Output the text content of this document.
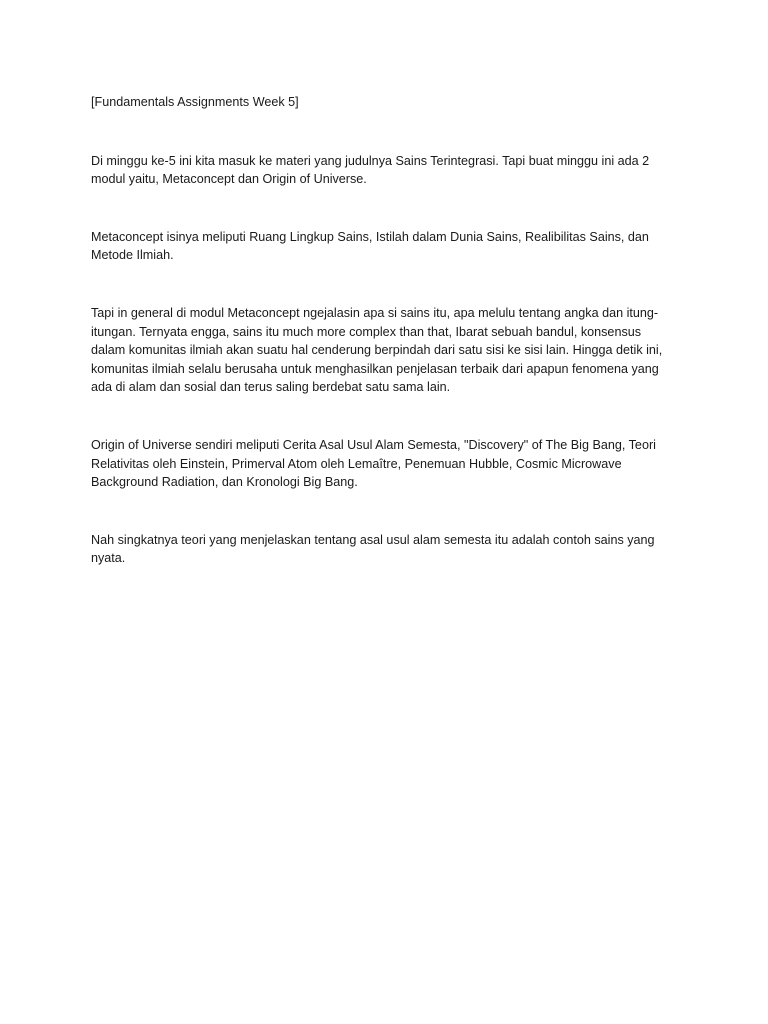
[Fundamentals Assignments Week 5]

Di minggu ke-5 ini kita masuk ke materi yang judulnya Sains Terintegrasi. Tapi buat minggu ini ada 2 modul yaitu, Metaconcept dan Origin of Universe.

Metaconcept isinya meliputi Ruang Lingkup Sains, Istilah dalam Dunia Sains, Realibilitas Sains, dan Metode Ilmiah.

Tapi in general di modul Metaconcept ngejalasin apa si sains itu, apa melulu tentang angka dan itung-itungan. Ternyata engga, sains itu much more complex than that, Ibarat sebuah bandul, konsensus dalam komunitas ilmiah akan suatu hal cenderung berpindah dari satu sisi ke sisi lain. Hingga detik ini, komunitas ilmiah selalu berusaha untuk menghasilkan penjelasan terbaik dari apapun fenomena yang ada di alam dan sosial dan terus saling berdebat satu sama lain.

Origin of Universe sendiri meliputi Cerita Asal Usul Alam Semesta, "Discovery" of The Big Bang, Teori Relativitas oleh Einstein, Primerval Atom oleh Lemaître, Penemuan Hubble, Cosmic Microwave Background Radiation, dan Kronologi Big Bang.

Nah singkatnya teori yang menjelaskan tentang asal usul alam semesta itu adalah contoh sains yang nyata.
